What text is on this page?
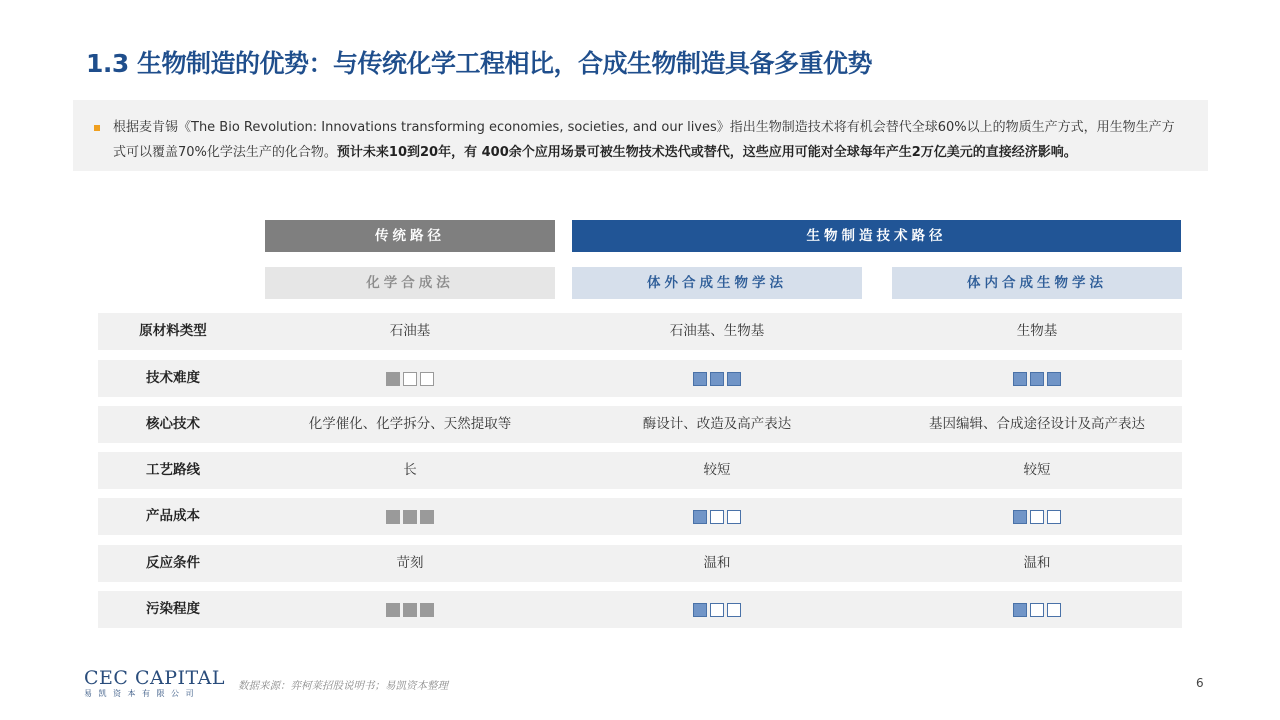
1.3 生物制造的优势：与传统化学工程相比，合成生物制造具备多重优势
根据麦肯锡《The Bio Revolution: Innovations transforming economies, societies, and our lives》指出生物制造技术将有机会替代全球60%以上的物质生产方式，用生物生产方式可以覆盖70%化学法生产的化合物。预计未来10到20年，有 400余个应用场景可被生物技术迭代或替代，这些应用可能对全球每年产生2万亿美元的直接经济影响。
传统路径	生物制造技术路径
化学合成法	体外合成生物学法	体内合成生物学法
原材料类型	石油基	石油基、生物基	生物基
技术难度
核心技术	化学催化、化学拆分、天然提取等	酶设计、改造及高产表达	基因编辑、合成途径设计及高产表达
工艺路线	长	较短	较短
产品成本
反应条件	苛刻	温和	温和
污染程度
CEC CAPITAL
易凯资本有限公司
数据来源：弈柯莱招股说明书；易凯资本整理	6
